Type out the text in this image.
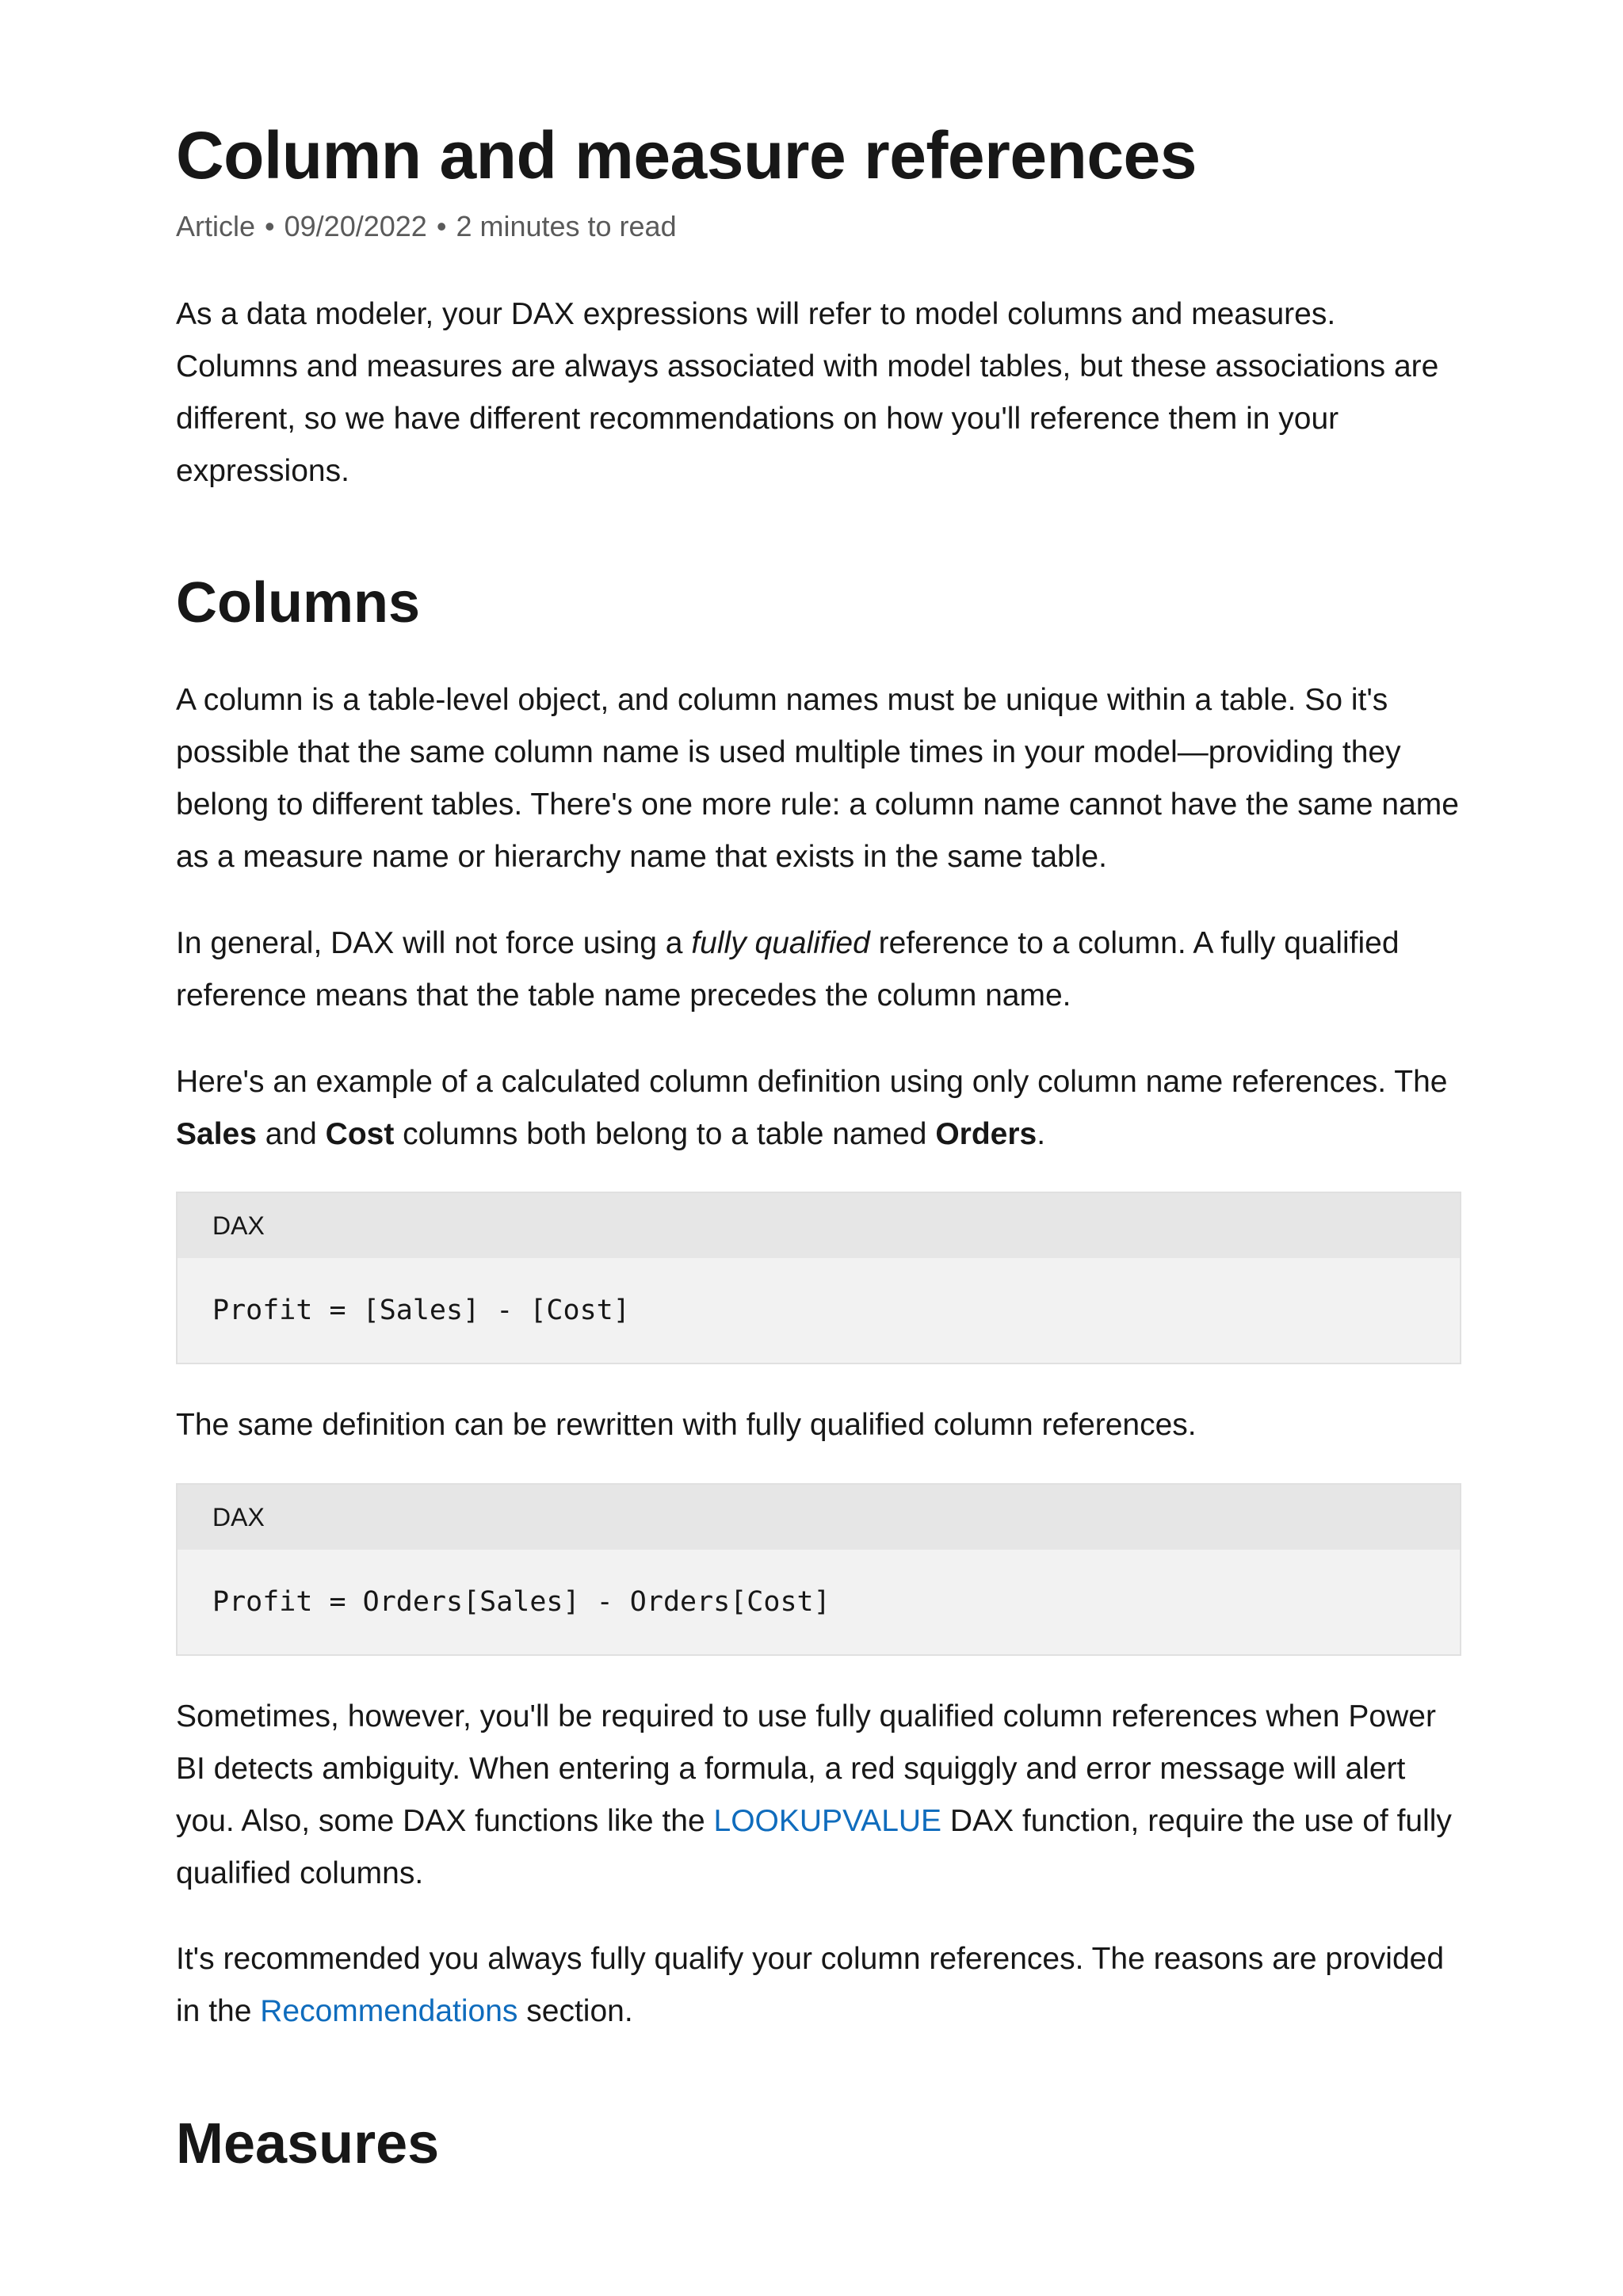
Column and measure references
Article • 09/20/2022 • 2 minutes to read

As a data modeler, your DAX expressions will refer to model columns and measures. Columns and measures are always associated with model tables, but these associations are different, so we have different recommendations on how you'll reference them in your expressions.

Columns

A column is a table-level object, and column names must be unique within a table. So it's possible that the same column name is used multiple times in your model—providing they belong to different tables. There's one more rule: a column name cannot have the same name as a measure name or hierarchy name that exists in the same table.

In general, DAX will not force using a fully qualified reference to a column. A fully qualified reference means that the table name precedes the column name.

Here's an example of a calculated column definition using only column name references. The Sales and Cost columns both belong to a table named Orders.

DAX
Profit = [Sales] - [Cost]

The same definition can be rewritten with fully qualified column references.

DAX
Profit = Orders[Sales] - Orders[Cost]

Sometimes, however, you'll be required to use fully qualified column references when Power BI detects ambiguity. When entering a formula, a red squiggly and error message will alert you. Also, some DAX functions like the LOOKUPVALUE DAX function, require the use of fully qualified columns.

It's recommended you always fully qualify your column references. The reasons are provided in the Recommendations section.

Measures
